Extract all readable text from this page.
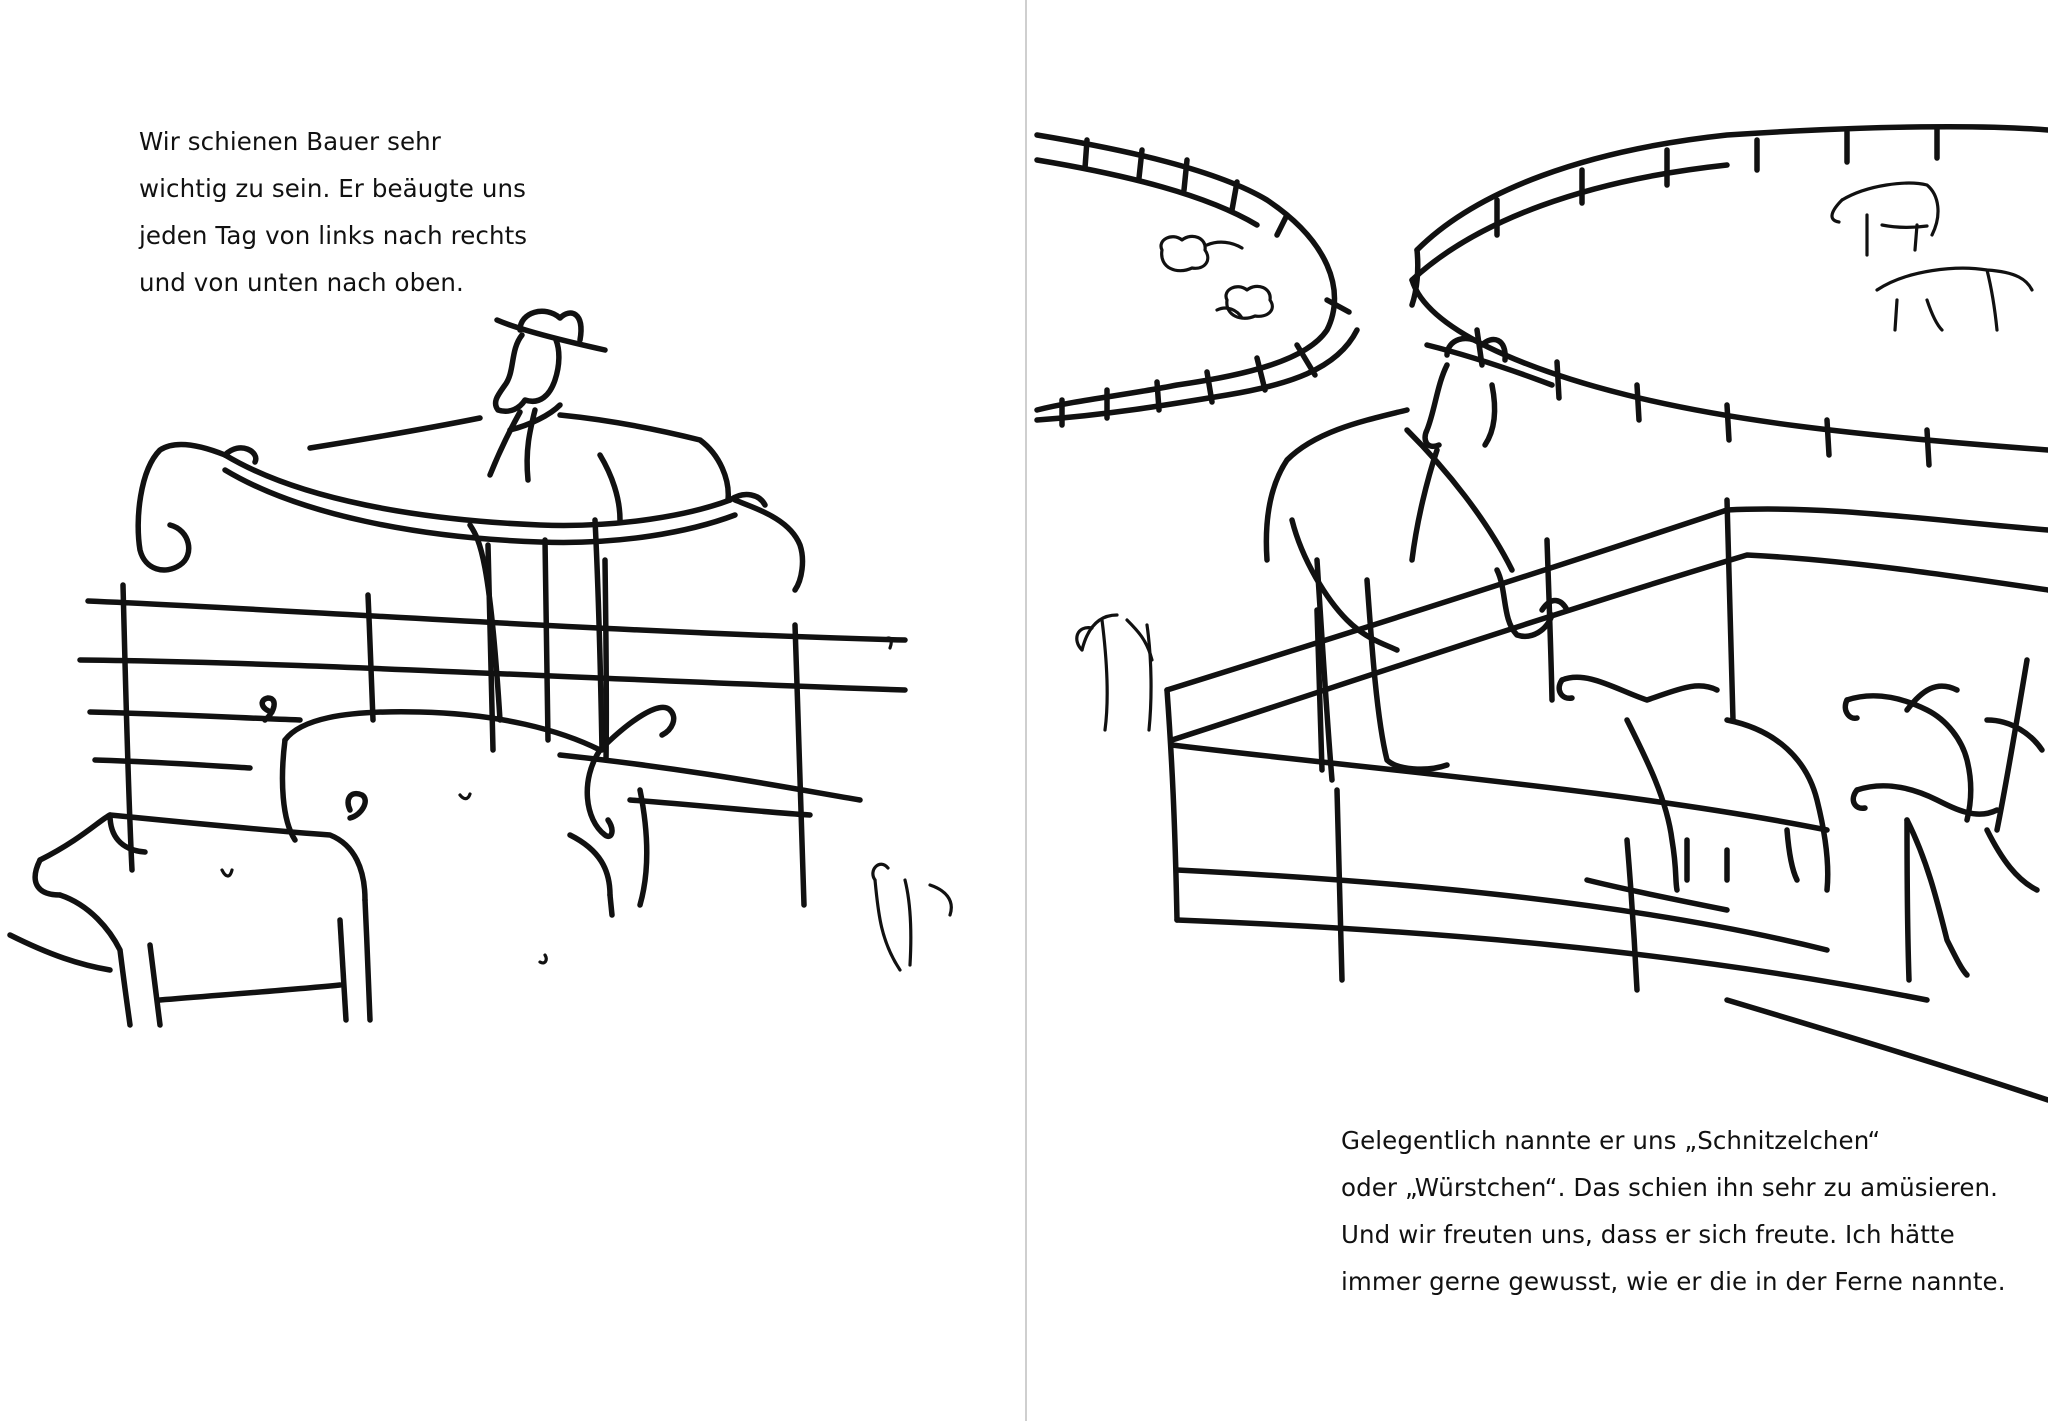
Wir schienen Bauer sehr
wichtig zu sein. Er beäugte uns
jeden Tag von links nach rechts
und von unten nach oben.
Gelegentlich nannte er uns „Schnitzelchen“
oder „Würstchen“. Das schien ihn sehr zu amüsieren.
Und wir freuten uns, dass er sich freute. Ich hätte
immer gerne gewusst, wie er die in der Ferne nannte.
